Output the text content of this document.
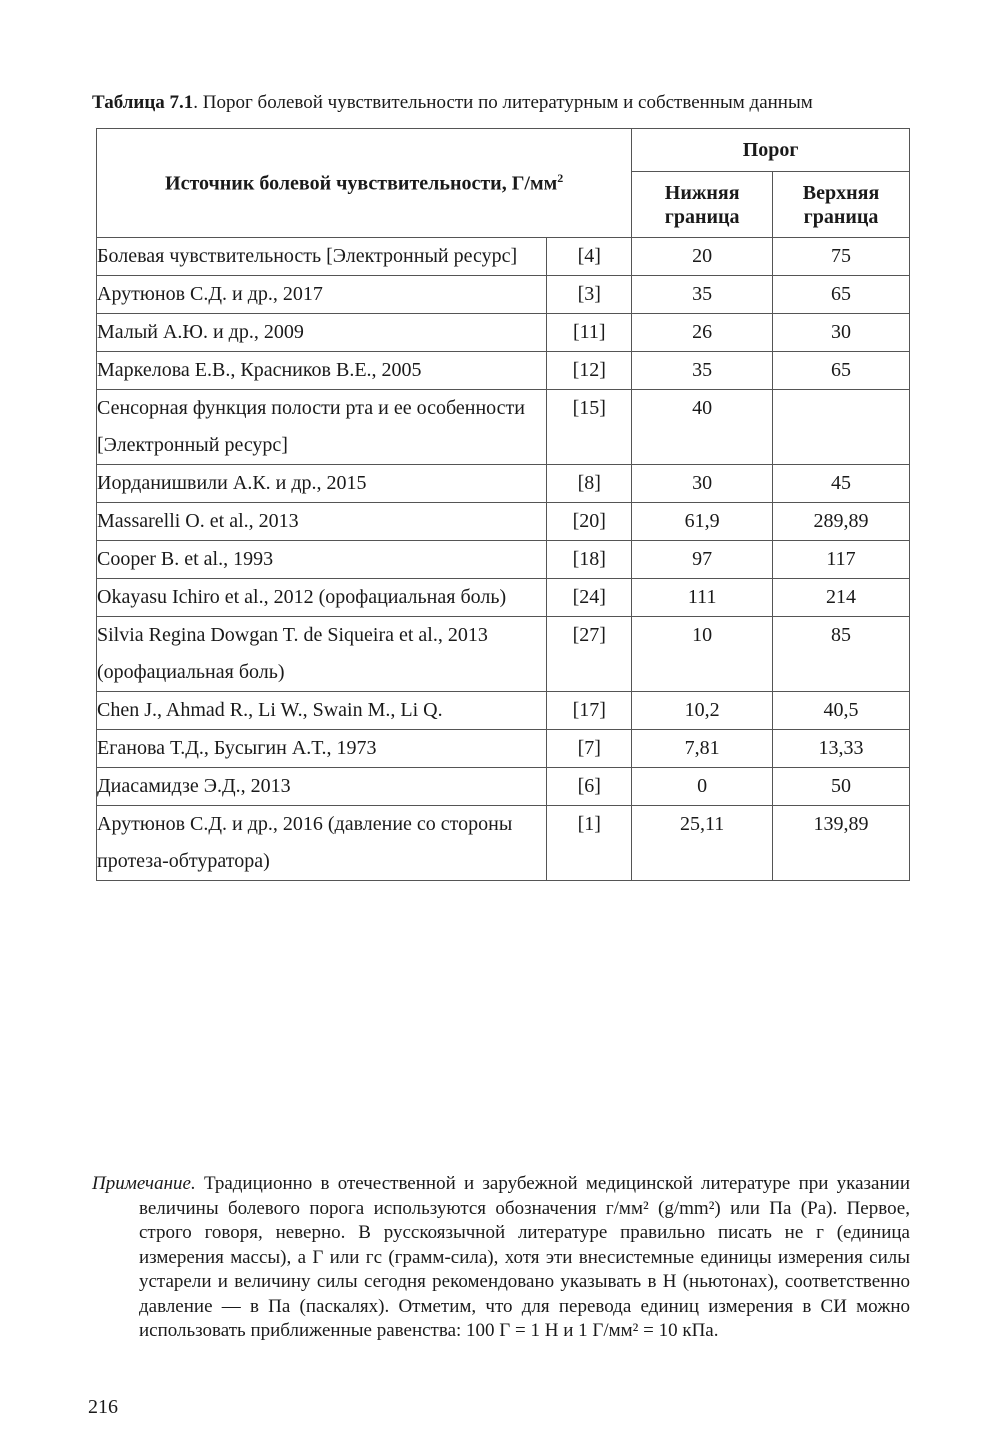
Таблица 7.1. Порог болевой чувствительности по литературным и собственным данным
Источник болевой чувствительности, $Г/мм^2$		Порог	
		Нижняя граница	Верхняя граница
Болевая чувствительность [Электронный ресурс]	[4]	20	75
Арутюнов С.Д. и др., 2017	[3]	35	65
Малый А.Ю. и др., 2009	[11]	26	30
Маркелова Е.В., Красников В.Е., 2005	[12]	35	65
Сенсорная функция полости рта и ее особенности [Электронный ресурс]	[15]	40	
Иорданишвили А.К. и др., 2015	[8]	30	45
Massarelli O. et al., 2013	[20]	61,9	289,89
Cooper B. et al., 1993	[18]	97	117
Okayasu Ichiro et al., 2012 (орофациальная боль)	[24]	111	214
Silvia Regina Dowgan T. de Siqueira et al., 2013 (орофациальная боль)	[27]	10	85
Chen J., Ahmad R., Li W., Swain M., Li Q.	[17]	10,2	40,5
Еганова Т.Д., Бусыгин А.Т., 1973	[7]	7,81	13,33
Диасамидзе Э.Д., 2013	[6]	0	50
Арутюнов С.Д. и др., 2016 (давление со стороны протеза-обтуратора)	[1]	25,11	139,89

Примечание. Традиционно в отечественной и зарубежной медицинской литературе при указании величины болевого порога используются обозначения г/мм² (g/mm²) или Па (Pa). Первое, строго говоря, неверно. В русскоязычной литературе правильно писать не г (единица измерения массы), а Г или гс (грамм-сила), хотя эти внесистемные единицы измерения силы устарели и величину силы сегодня рекомендовано указывать в Н (ньютонах), соответственно давление — в Па (паскалях). Отметим, что для перевода единиц измерения в СИ можно использовать приближенные равенства: 100 Г = 1 Н и 1 Г/мм² = 10 кПа.

216
